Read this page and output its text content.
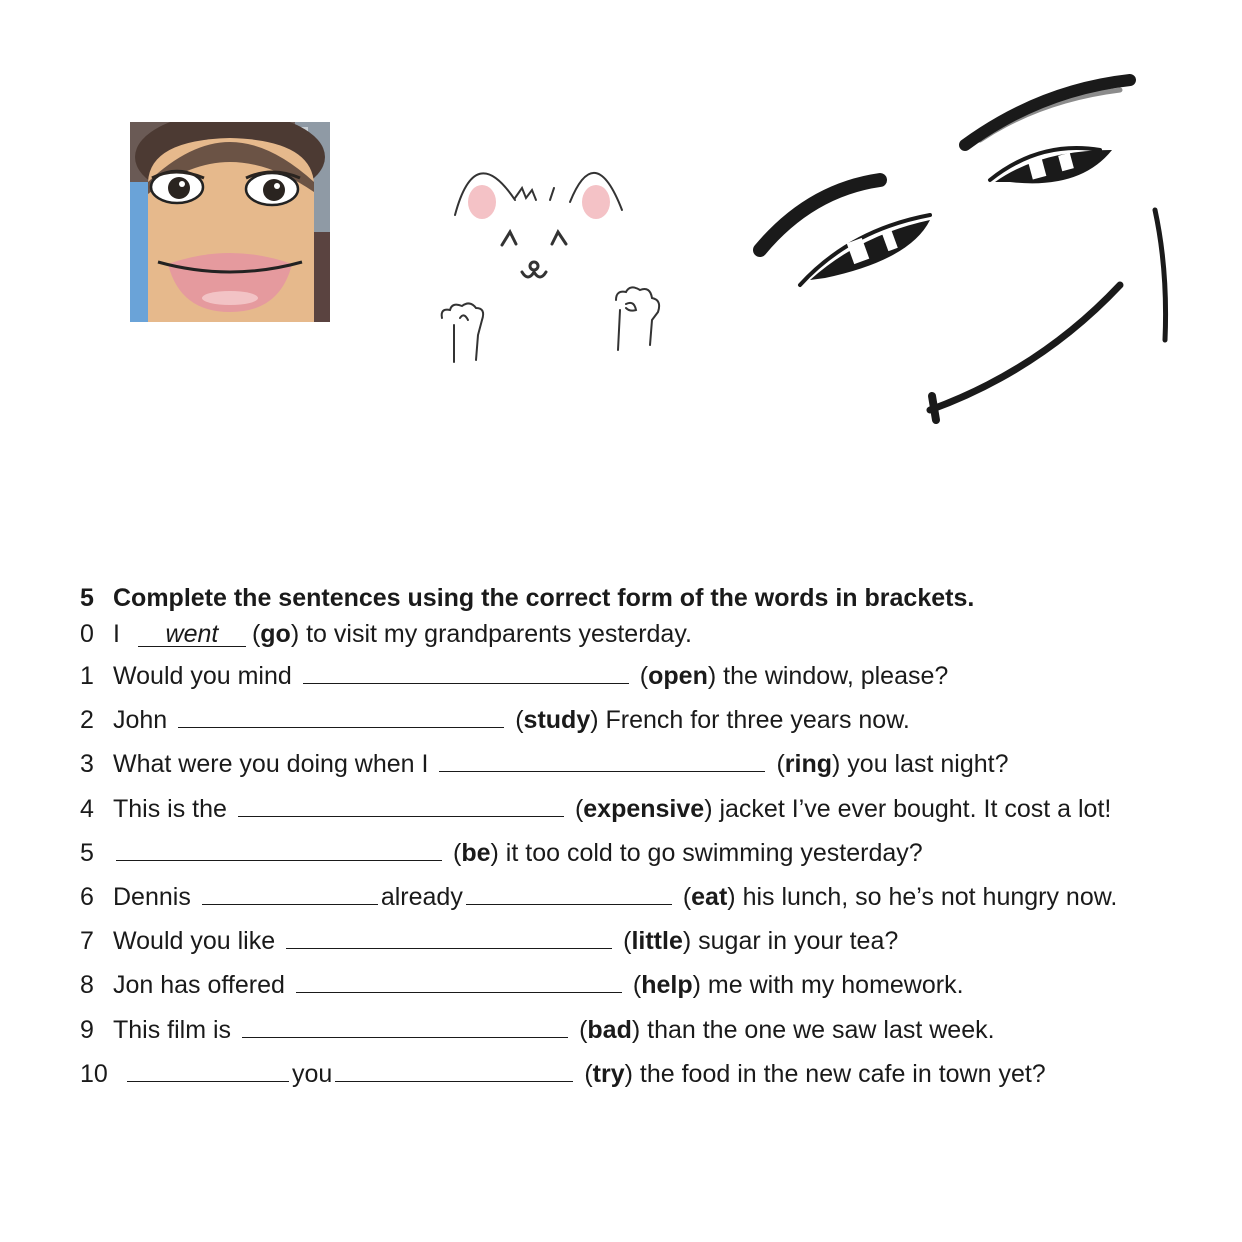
5 Complete the sentences using the correct form of the words in brackets.
0 I went (go) to visit my grandparents yesterday.
1 Would you mind	(open) the window, please?
2 John	(study) French for three years now.
3 What were you doing when I	(ring) you last night?
4 This is the	(expensive) jacket I’ve ever bought. It cost a lot!
5	(be) it too cold to go swimming yesterday?
6 Dennis	already	(eat) his lunch, so he’s not hungry now.
7 Would you like	(little) sugar in your tea?
8 Jon has offered	(help) me with my homework.
9 This film is	(bad) than the one we saw last week.
10	you	(try) the food in the new cafe in town yet?
